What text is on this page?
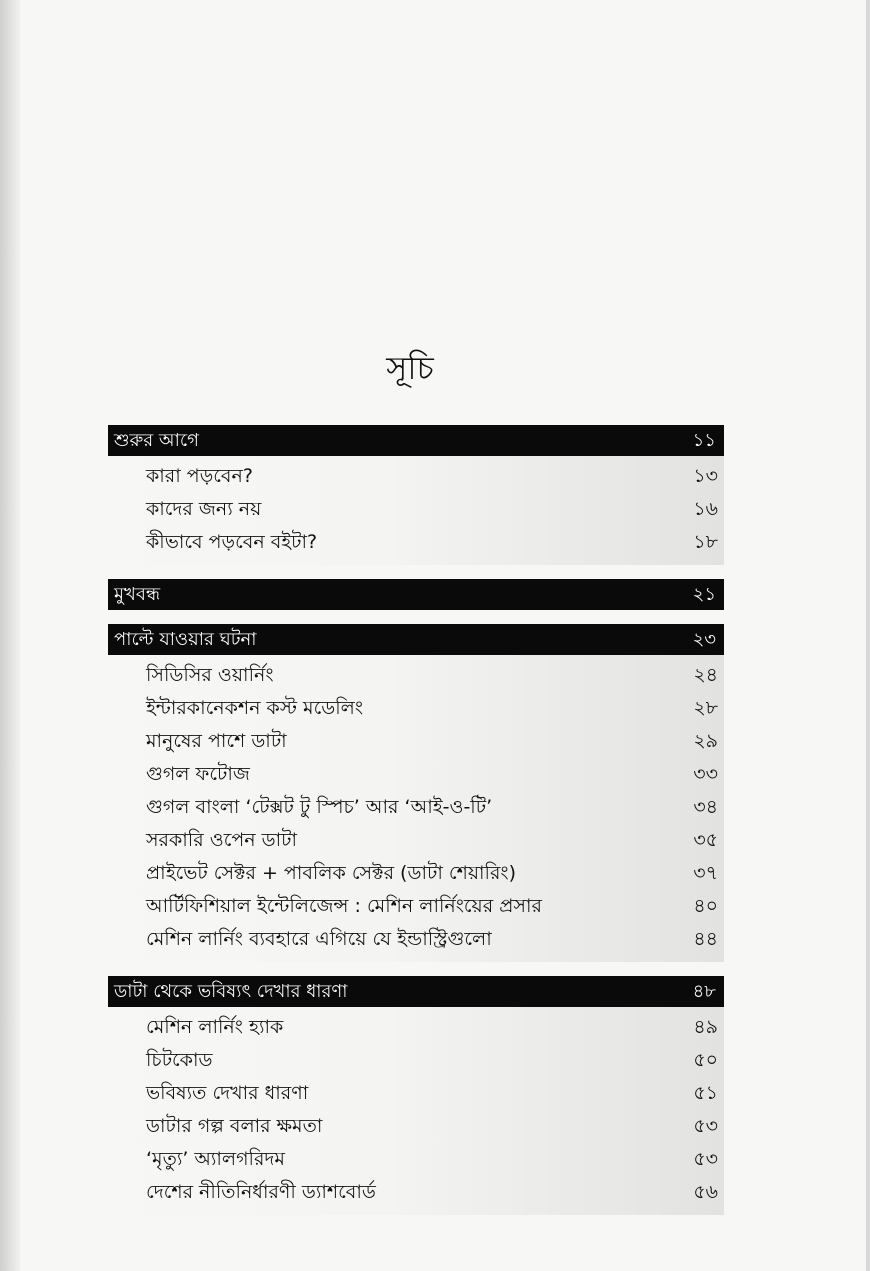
সূচি
শুরুর আগে	১১
কারা পড়বেন?	১৩
কাদের জন্য নয়	১৬
কীভাবে পড়বেন বইটা?	১৮
মুখবন্ধ	২১
পাল্টে যাওয়ার ঘটনা	২৩
সিডিসির ওয়ার্নিং	২৪
ইন্টারকানেকশন কস্ট মডেলিং	২৮
মানুষের পাশে ডাটা	২৯
গুগল ফটোজ	৩৩
গুগল বাংলা ‘টেক্সট টু স্পিচ’ আর ‘আই-ও-টি’	৩৪
সরকারি ওপেন ডাটা	৩৫
প্রাইভেট সেক্টর + পাবলিক সেক্টর (ডাটা শেয়ারিং)	৩৭
আর্টিফিশিয়াল ইন্টেলিজেন্স : মেশিন লার্নিংয়ের প্রসার	৪০
মেশিন লার্নিং ব্যবহারে এগিয়ে যে ইন্ডাস্ট্রিগুলো	৪৪
ডাটা থেকে ভবিষ্যৎ দেখার ধারণা	৪৮
মেশিন লার্নিং হ্যাক	৪৯
চিটকোড	৫০
ভবিষ্যত দেখার ধারণা	৫১
ডাটার গল্প বলার ক্ষমতা	৫৩
‘মৃত্যু’ অ্যালগরিদম	৫৩
দেশের নীতিনির্ধারণী ড্যাশবোর্ড	৫৬
